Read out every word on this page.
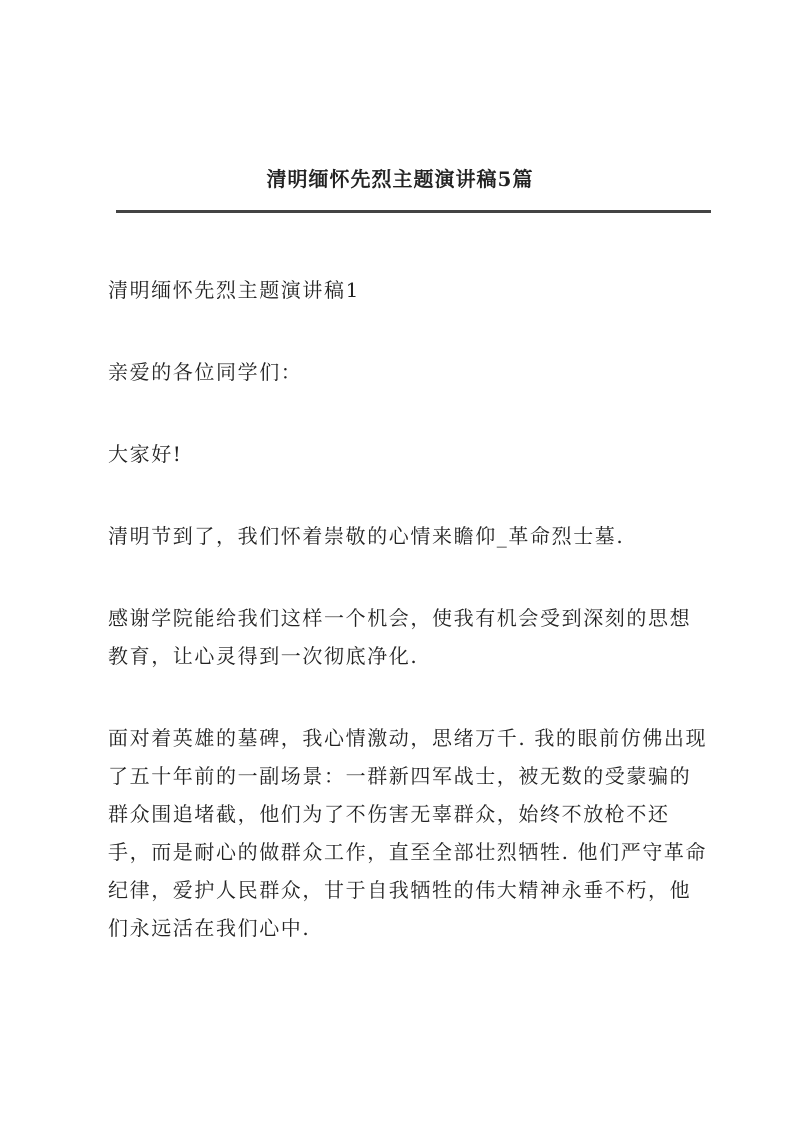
清明缅怀先烈主题演讲稿5篇

清明缅怀先烈主题演讲稿1

亲爱的各位同学们：

大家好!

清明节到了，我们怀着崇敬的心情来瞻仰_革命烈士墓.

感谢学院能给我们这样一个机会，使我有机会受到深刻的思想教育，让心灵得到一次彻底净化.

面对着英雄的墓碑，我心情激动，思绪万千. 我的眼前仿佛出现了五十年前的一副场景：一群新四军战士，被无数的受蒙骗的群众围追堵截，他们为了不伤害无辜群众，始终不放枪不还手，而是耐心的做群众工作，直至全部壮烈牺牲. 他们严守革命纪律，爱护人民群众，甘于自我牺牲的伟大精神永垂不朽，他们永远活在我们心中.
